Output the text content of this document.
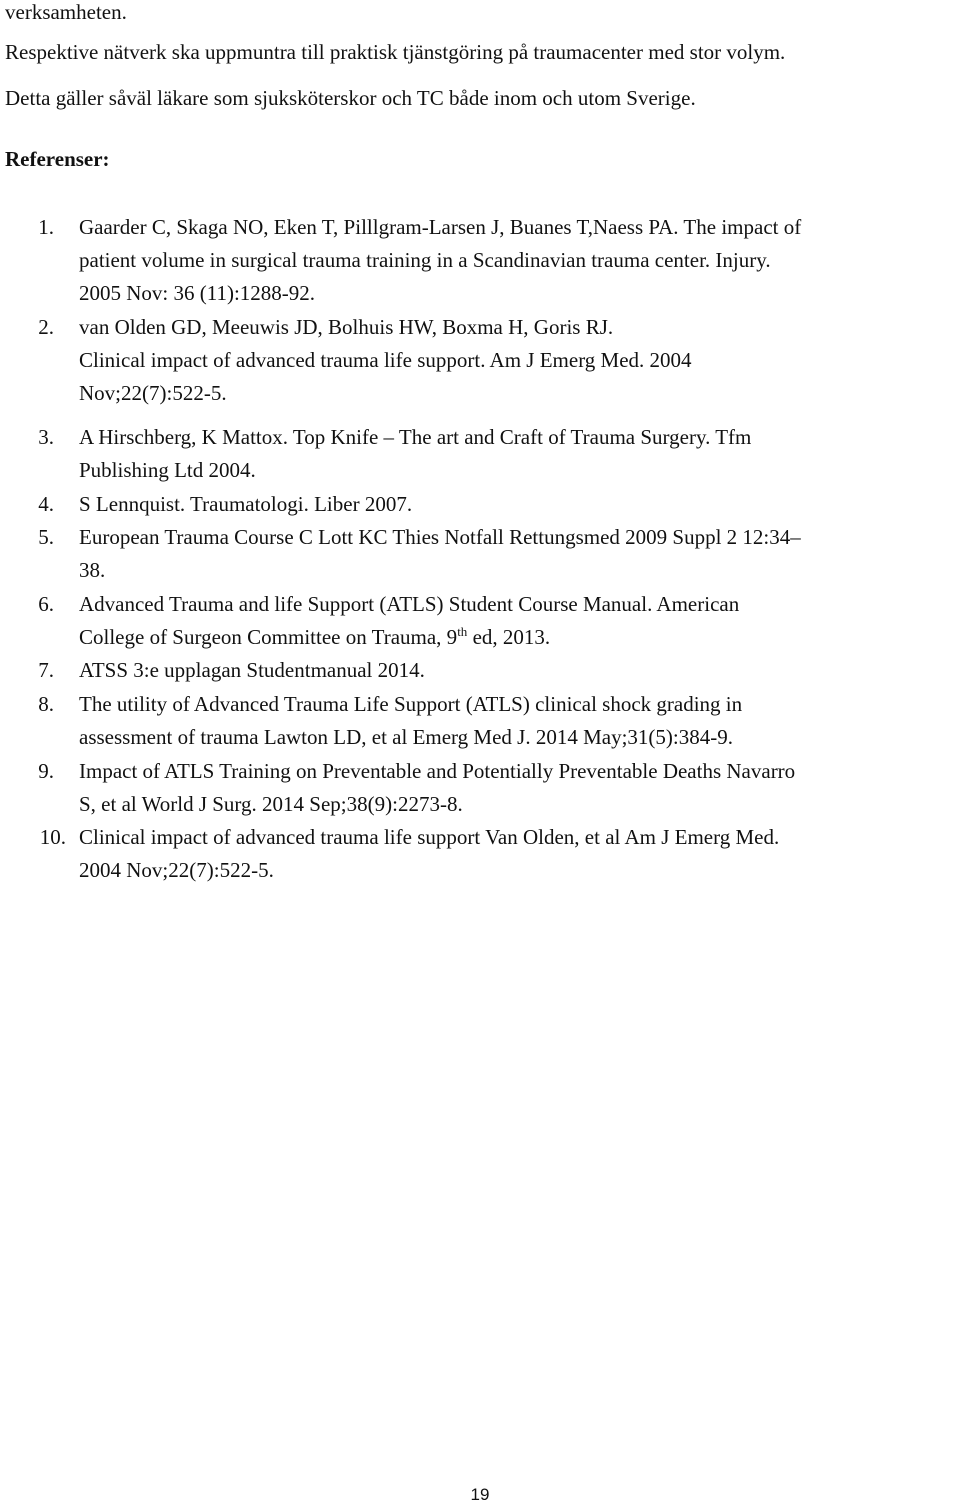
verksamheten.
Respektive nätverk ska uppmuntra till praktisk tjänstgöring på traumacenter med stor volym.
Detta gäller såväl läkare som sjuksköterskor och TC både inom och utom Sverige.
Referenser:
1. Gaarder C, Skaga NO, Eken T, Pilllgram-Larsen J, Buanes T,Naess PA. The impact of
patient volume in surgical trauma training in a Scandinavian trauma center. Injury.
2005 Nov: 36 (11):1288-92.
2. van Olden GD, Meeuwis JD, Bolhuis HW, Boxma H, Goris RJ.
Clinical impact of advanced trauma life support. Am J Emerg Med. 2004
Nov;22(7):522-5.
3. A Hirschberg, K Mattox. Top Knife – The art and Craft of Trauma Surgery. Tfm
Publishing Ltd 2004.
4. S Lennquist. Traumatologi. Liber 2007.
5. European Trauma Course C Lott KC Thies Notfall Rettungsmed 2009 Suppl 2 12:34–
38.
6. Advanced Trauma and life Support (ATLS) Student Course Manual. American
College of Surgeon Committee on Trauma, 9th ed, 2013.
7. ATSS 3:e upplagan Studentmanual 2014.
8. The utility of Advanced Trauma Life Support (ATLS) clinical shock grading in
assessment of trauma Lawton LD, et al Emerg Med J. 2014 May;31(5):384-9.
9. Impact of ATLS Training on Preventable and Potentially Preventable Deaths Navarro
S, et al World J Surg. 2014 Sep;38(9):2273-8.
10. Clinical impact of advanced trauma life support Van Olden, et al Am J Emerg Med.
2004 Nov;22(7):522-5.
19
